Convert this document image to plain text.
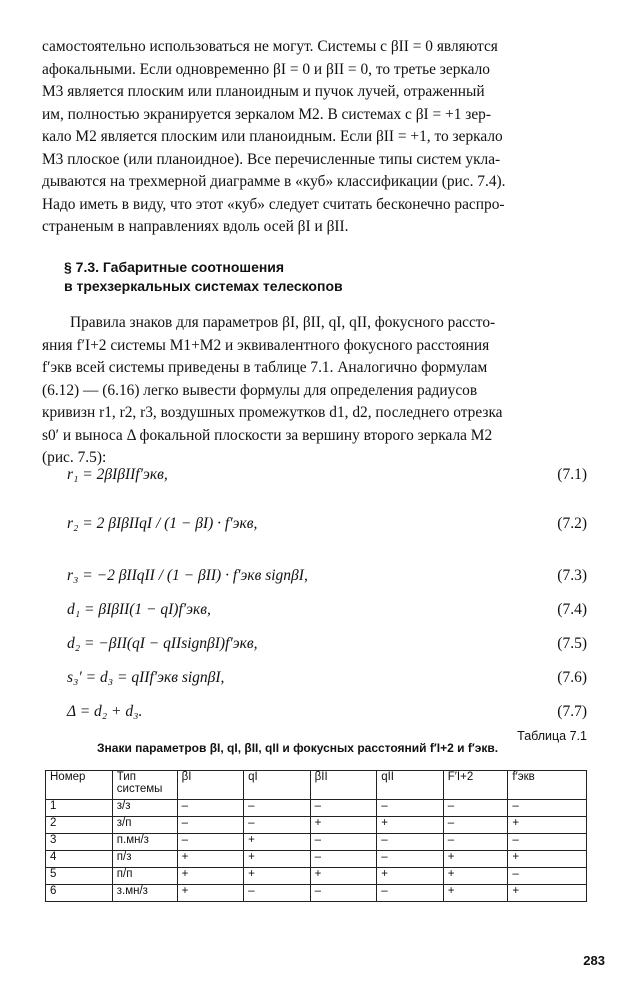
самостоятельно использоваться не могут. Системы с βII = 0 являются
афокальными. Если одновременно βI = 0 и βII = 0, то третье зеркало
М3 является плоским или планоидным и пучок лучей, отраженный
им, полностью экранируется зеркалом М2. В системах с βI = +1 зер-
кало М2 является плоским или планоидным. Если βII = +1, то зеркало
М3 плоское (или планоидное). Все перечисленные типы систем укла-
дываются на трехмерной диаграмме в «куб» классификации (рис. 7.4).
Надо иметь в виду, что этот «куб» следует считать бесконечно распро-
страненым в направлениях вдоль осей βI и βII.
§ 7.3. Габаритные соотношения
в трехзеркальных системах телескопов
Правила знаков для параметров βI, βII, qI, qII, фокусного рассто-
яния f′I+2 системы М1+М2 и эквивалентного фокусного расстояния
f′экв всей системы приведены в таблице 7.1. Аналогично формулам
(6.12) — (6.16) легко вывести формулы для определения радиусов
кривизн r1, r2, r3, воздушных промежутков d1, d2, последнего отрезка
s0′ и выноса Δ фокальной плоскости за вершину второго зеркала М2
(рис. 7.5):
r₁ = 2βIβIIf′экв,	(7.1)
r₂ = 2 βIβIIqI / (1 − βI) · f′экв,	(7.2)
r₃ = −2 βIIqII / (1 − βII) · f′экв signβI,	(7.3)
d₁ = βIβII(1 − qI)f′экв,	(7.4)
d₂ = −βII(qI − qIIsignβI)f′экв,	(7.5)
s₃′ = d₃ = qIIf′экв signβI,	(7.6)
Δ = d₂ + d₃.	(7.7)
Таблица 7.1
Знаки параметров βI, qI, βII, qII и фокусных расстояний f′I+2 и f′экв.
Номер	Тип системы	βI	qI	βII	qII	F′I+2	f′экв
1	з/з	–	–	–	–	–	–
2	з/п	–	–	+	+	–	+
3	п.мн/з	–	+	–	–	–	–
4	п/з	+	+	–	–	+	+
5	п/п	+	+	+	+	+	–
6	з.мн/з	+	–	–	–	+	+
283
